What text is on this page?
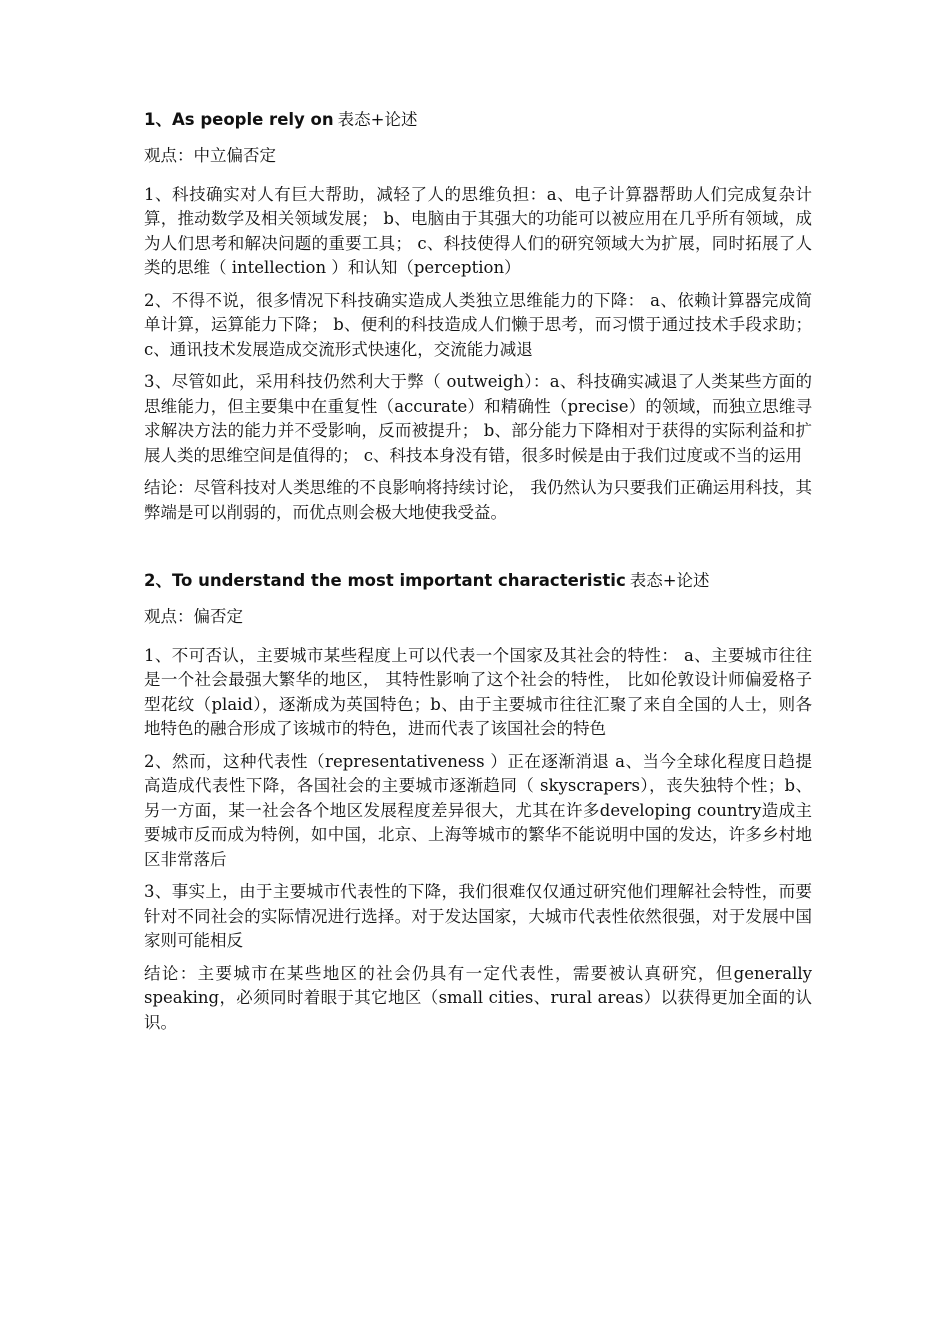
1、As people rely on 表态+论述

观点：中立偏否定

1、科技确实对人有巨大帮助，减轻了人的思维负担：a、电子计算器帮助人们完成复杂计算，推动数学及相关领域发展； b、电脑由于其强大的功能可以被应用在几乎所有领域，成为人们思考和解决问题的重要工具； c、科技使得人们的研究领域大为扩展，同时拓展了人类的思维（ intellection ）和认知（perception）

2、不得不说，很多情况下科技确实造成人类独立思维能力的下降： a、依赖计算器完成简单计算，运算能力下降； b、便利的科技造成人们懒于思考，而习惯于通过技术手段求助； c、通讯技术发展造成交流形式快速化，交流能力减退

3、尽管如此，采用科技仍然利大于弊（ outweigh）：a、科技确实减退了人类某些方面的思维能力，但主要集中在重复性（accurate）和精确性（precise）的领域，而独立思维寻求解决方法的能力并不受影响，反而被提升； b、部分能力下降相对于获得的实际利益和扩展人类的思维空间是值得的； c、科技本身没有错，很多时候是由于我们过度或不当的运用

结论：尽管科技对人类思维的不良影响将持续讨论， 我仍然认为只要我们正确运用科技，其弊端是可以削弱的，而优点则会极大地使我受益。

2、To understand the most important characteristic 表态+论述

观点：偏否定

1、不可否认，主要城市某些程度上可以代表一个国家及其社会的特性： a、主要城市往往是一个社会最强大繁华的地区， 其特性影响了这个社会的特性， 比如伦敦设计师偏爱格子型花纹（plaid），逐渐成为英国特色；b、由于主要城市往往汇聚了来自全国的人士，则各地特色的融合形成了该城市的特色，进而代表了该国社会的特色

2、然而，这种代表性（representativeness ）正在逐渐消退 a、当今全球化程度日趋提高造成代表性下降，各国社会的主要城市逐渐趋同（ skyscrapers），丧失独特个性；b、另一方面，某一社会各个地区发展程度差异很大，尤其在许多developing country造成主要城市反而成为特例，如中国，北京、上海等城市的繁华不能说明中国的发达，许多乡村地区非常落后

3、事实上，由于主要城市代表性的下降，我们很难仅仅通过研究他们理解社会特性，而要针对不同社会的实际情况进行选择。对于发达国家，大城市代表性依然很强，对于发展中国家则可能相反

结论：主要城市在某些地区的社会仍具有一定代表性，需要被认真研究，但generally speaking，必须同时着眼于其它地区（small cities、rural areas）以获得更加全面的认识。
